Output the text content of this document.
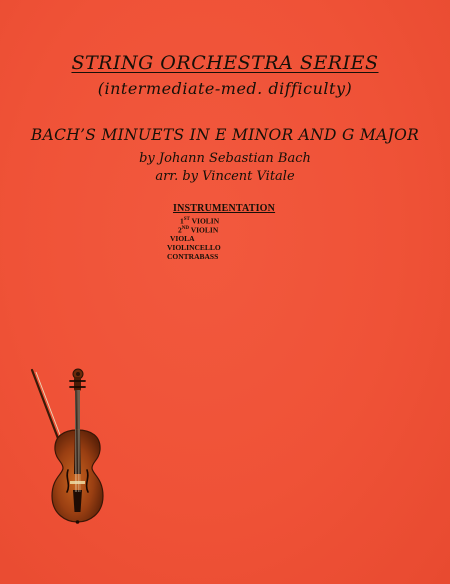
STRING ORCHESTRA SERIES
(intermediate-med. difficulty)
BACH’S MINUETS IN E MINOR AND G MAJOR
by Johann Sebastian Bach
arr. by Vincent Vitale
INSTRUMENTATION
1ST VIOLIN
2ND VIOLIN
VIOLA
VIOLINCELLO
CONTRABASS
